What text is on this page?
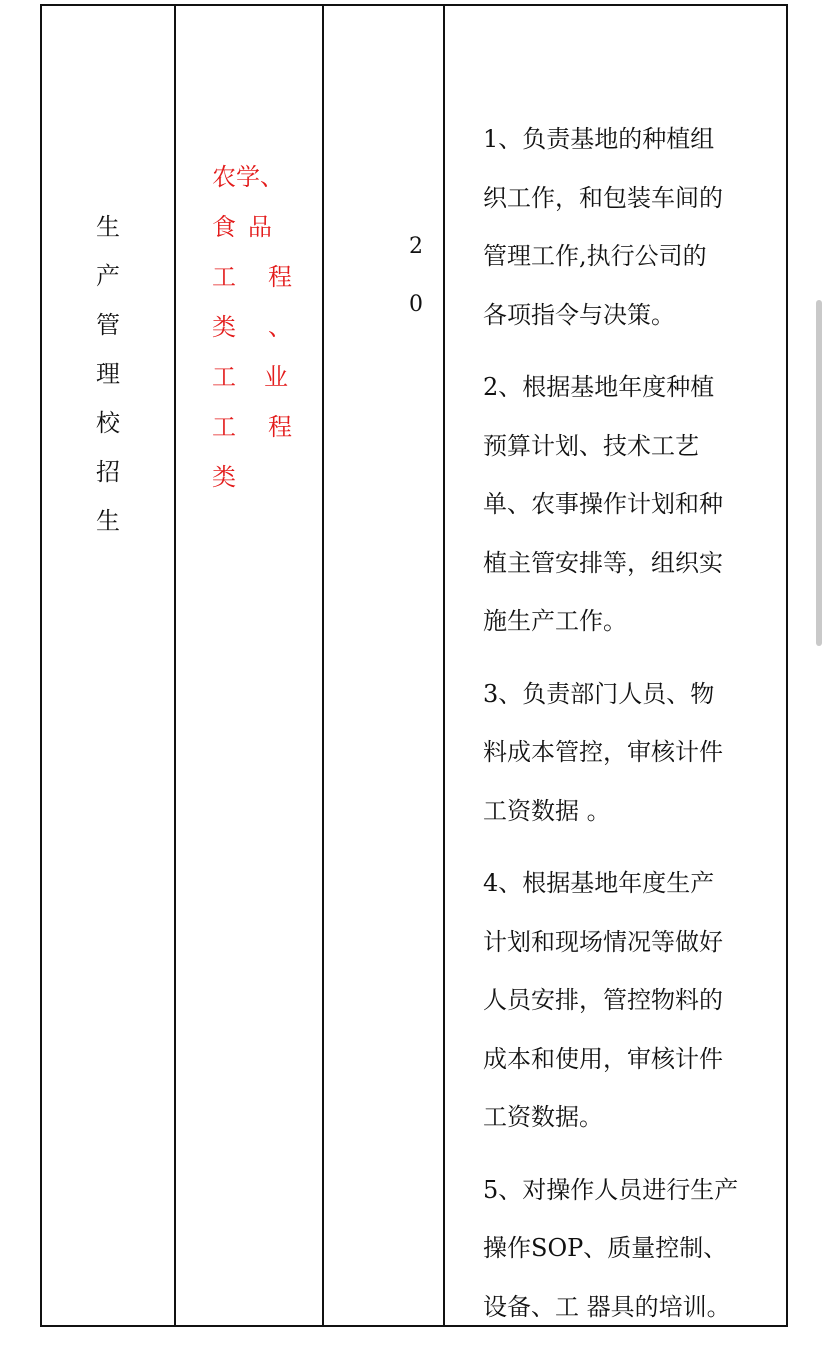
生
产
管
理
校
招
生
农学、
食 品
工 程
类 、
工 业
工 程
类
2
0

1、负责基地的种植组

织工作，和包装车间的

管理工作,执行公司的

各项指令与决策。

2、根据基地年度种植

预算计划、技术工艺

单、农事操作计划和种

植主管安排等，组织实

施生产工作。

3、负责部门人员、物

料成本管控，审核计件

工资数据 。

4、根据基地年度生产

计划和现场情况等做好

人员安排，管控物料的

成本和使用，审核计件

工资数据。

5、对操作人员进行生产

操作SOP、质量控制、

设备、工 器具的培训。
